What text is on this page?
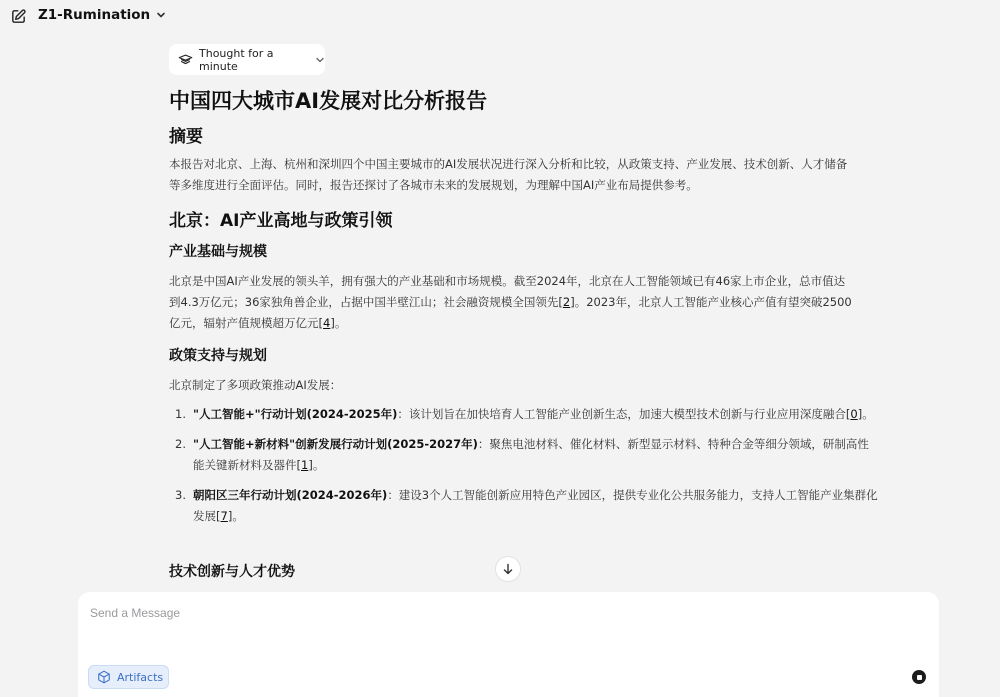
Z1-Rumination
Thought for a minute
中国四大城市AI发展对比分析报告
摘要
本报告对北京、上海、杭州和深圳四个中国主要城市的AI发展状况进行深入分析和比较，从政策支持、产业发展、技术创新、人才储备
等多维度进行全面评估。同时，报告还探讨了各城市未来的发展规划，为理解中国AI产业布局提供参考。
北京：AI产业高地与政策引领
产业基础与规模
北京是中国AI产业发展的领头羊，拥有强大的产业基础和市场规模。截至2024年，北京在人工智能领域已有46家上市企业，总市值达
到4.3万亿元；36家独角兽企业，占据中国半壁江山；社会融资规模全国领先[2]。2023年，北京人工智能产业核心产值有望突破2500
亿元，辐射产值规模超万亿元[4]。
政策支持与规划
北京制定了多项政策推动AI发展：
1. "人工智能+"行动计划(2024-2025年)：该计划旨在加快培育人工智能产业创新生态，加速大模型技术创新与行业应用深度融合[0]。
2. "人工智能+新材料"创新发展行动计划(2025-2027年)：聚焦电池材料、催化材料、新型显示材料、特种合金等细分领域，研制高性能关键新材料及器件[1]。
3. 朝阳区三年行动计划(2024-2026年)：建设3个人工智能创新应用特色产业园区，提供专业化公共服务能力，支持人工智能产业集群化发展[7]。
技术创新与人才优势
Send a Message
Artifacts
